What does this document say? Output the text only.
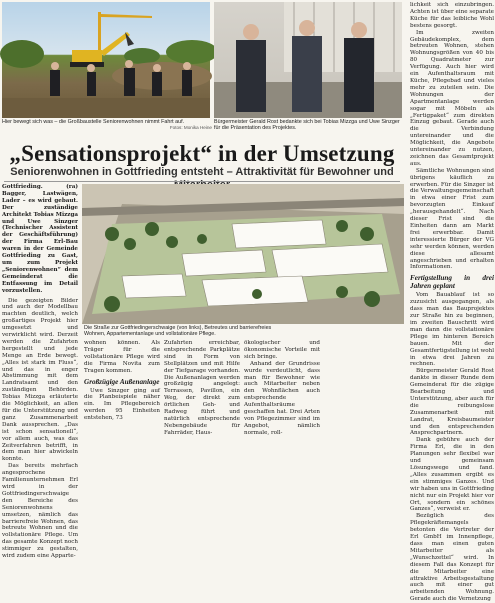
Hier bewegt sich was – die Großbaustelle Seniorenwohnen nimmt Fahrt auf.
Fotos: Monika Heine
Bürgermeister Gerald Rost bedankte sich bei Tobias Mizzga und Uwe Sinzger für die Präsentation des Projektes.
„Sensationsprojekt“ in der Umsetzung
Seniorenwohnen in Gottfrieding entsteht – Attraktivität für Bewohner und

Gottfrieding. (ra) Bagger, Lastwägen, Lader – es wird gebaut. Der zuständige Architekt Tobias Mizzga und Uwe Sinzger (Technischer Assistent der Geschäftsführung) der Firma Erl-Bau waren in der Gemeinde Gottfrieding zu Gast, um zum Projekt „Seniorenwohnen“ dem Gemeinderat die Entfassung im Detail vorzustellen.

Die gezeigten Bilder und auch der Modellbau machten deutlich, welch großartiges Projekt hier umgesetzt und verwirklicht wird. Derzeit werden die Zufahrten hergestellt und jede Menge an Erde bewegt. „Alles ist stark im Fluss“, und das in enger Abstimmung mit dem Landratsamt und den zuständigen Behörden. Tobias Mizzga erläuterte die Möglichkeit, an allen für die Unterstützung und ganz Zusammenarbeit Dank aussprechen. „Das ist schon sensationell“, vor allem auch, was das Zeitverfahren betrifft, in dem man hier abwickeln konnte.

Das bereits mehrfach angesprochene Familienunternehmen Erl wird in der Gottfriedingerschwaige den Bereiche des Seniorenwohnens umsetzen, nämlich das barrierefreie Wohnen, das betreute Wohnen und die vollstationäre Pflege. Um das gesamte Konzept noch stimmiger zu gestalten, wird zudem eine Apparte-

Die Straße zur Gottfriedingerschwaige (von links), Betreutes und barrierefreies Wohnen, Appartementanlage und vollstationäre Pflege.

wohnen können. Als Träger für die vollstationäre Pflege wird die Firma Novita zum Tragen kommen.

Großzügige Außenanlage

Uwe Sinzger ging auf die Planbeispiele näher ein. Im Pflegebereich werden 95 Einheiten entstehen, 73

Zufahrten erreichbar, entsprechende Parkplätze sind in Form von Stellplätzen und mit Hilfe der Tiefgarage vorhanden. Die Außenanlagen werden großzügig angelegt: Terrassen, Pavillon, ein Weg, der direkt zum örtlichen Geh- und Radweg führt und natürlich entsprechende Nebengebäude für Fahrräder, Haus-

ökologischer und ökonomische Vorteile mit sich bringe.

Anhand der Grundrisse wurde verdeutlicht, dass man für Bewohner wie auch Mitarbeiter neben den Wohnflächen auch entsprechende Aufenthaltsräume geschaffen hat. Drei Arten von Pflegezimmer sind im Angebot, nämlich normale, roll-

lichkeit sich einzubringen. Achten ist über eine separate Küche für das leibliche Wohl bestens gesorgt.

Im zweiten Gebäudekomplex, dem betreuten Wohnen, stehen Wohnungsgrößen von 40 bis 80 Quadratmeter zur Verfügung. Auch hier wird ein Aufenthaltsraum mit Küche, Pflegebad und vieles mehr zu zuteilen sein. Die Wohnungen der Apartmentanlage werden sogar mit Möbeln als „Fertigpaket“ zum direkten Einzug gebaut. Gerade auch die Verbindung untereinander und die Möglichkeit, die Angebote untereinander zu nutzen, zeichnen das Gesamtprojekt aus.

Sämtliche Wohnungen sind übrigens käuflich zu erwerben. Für die Sinzger ist die Verwaltungsgemeinschaft in etwa einer Frist zum bevorzugten Einkauf „herausgehandelt“. Nach dieser Frist sind die Einheiten dann am Markt frei erwerbbar. Damit interessierte Bürger der VG sehr werden können, werden diese allesamt angeschrieben und erhalten Informationen.

Fertigstellung in drei Jahren geplant

Vom Bauablauf ist so zuzusicht ausgegangen, als dass man das Bauprojektes zur Straße hin zu beginnen, im zweiten Bauschritt wird man dann die vollstationäre Pflege im hinteren Bereich bauen. Mit der Gesamtfertigstellung ist wohl in etwa drei Jahren zu rechnen.

Bürgermeister Gerald Rost dankte in dieser Runde dem Gemeinderat für die zügige Bearbeitung und Unterstützung, aber auch für die reibungslose Zusammenarbeit mit Landrat, Kreisbaumeister und den entsprechenden Ansprechpartnern.

Dank gebühre auch der Firma Erl, die in den Planungen sehr flexibel war und gemeinsam Lösungswege und fand. „Alles zusammen ergibt es ein stimmiges Ganzes. Und wir haben uns in Gottfrieding nicht nur ein Projekt hier vor Ort, sondern ein schönes Ganzes“, verweist er.

Bezüglich des Pflegekräftemangels betonten die Vertreter der Erl GmbH im Innenpflege, dass man einen guten Mitarbeiter als „Wunschzettel“ wird. In diesem Fall das Konzept für die Mitarbeiter eine attraktive Arbeitsgestaltung auch mit einer gut arbeitenden Wohnung. Gerade auch die Vernetzung
